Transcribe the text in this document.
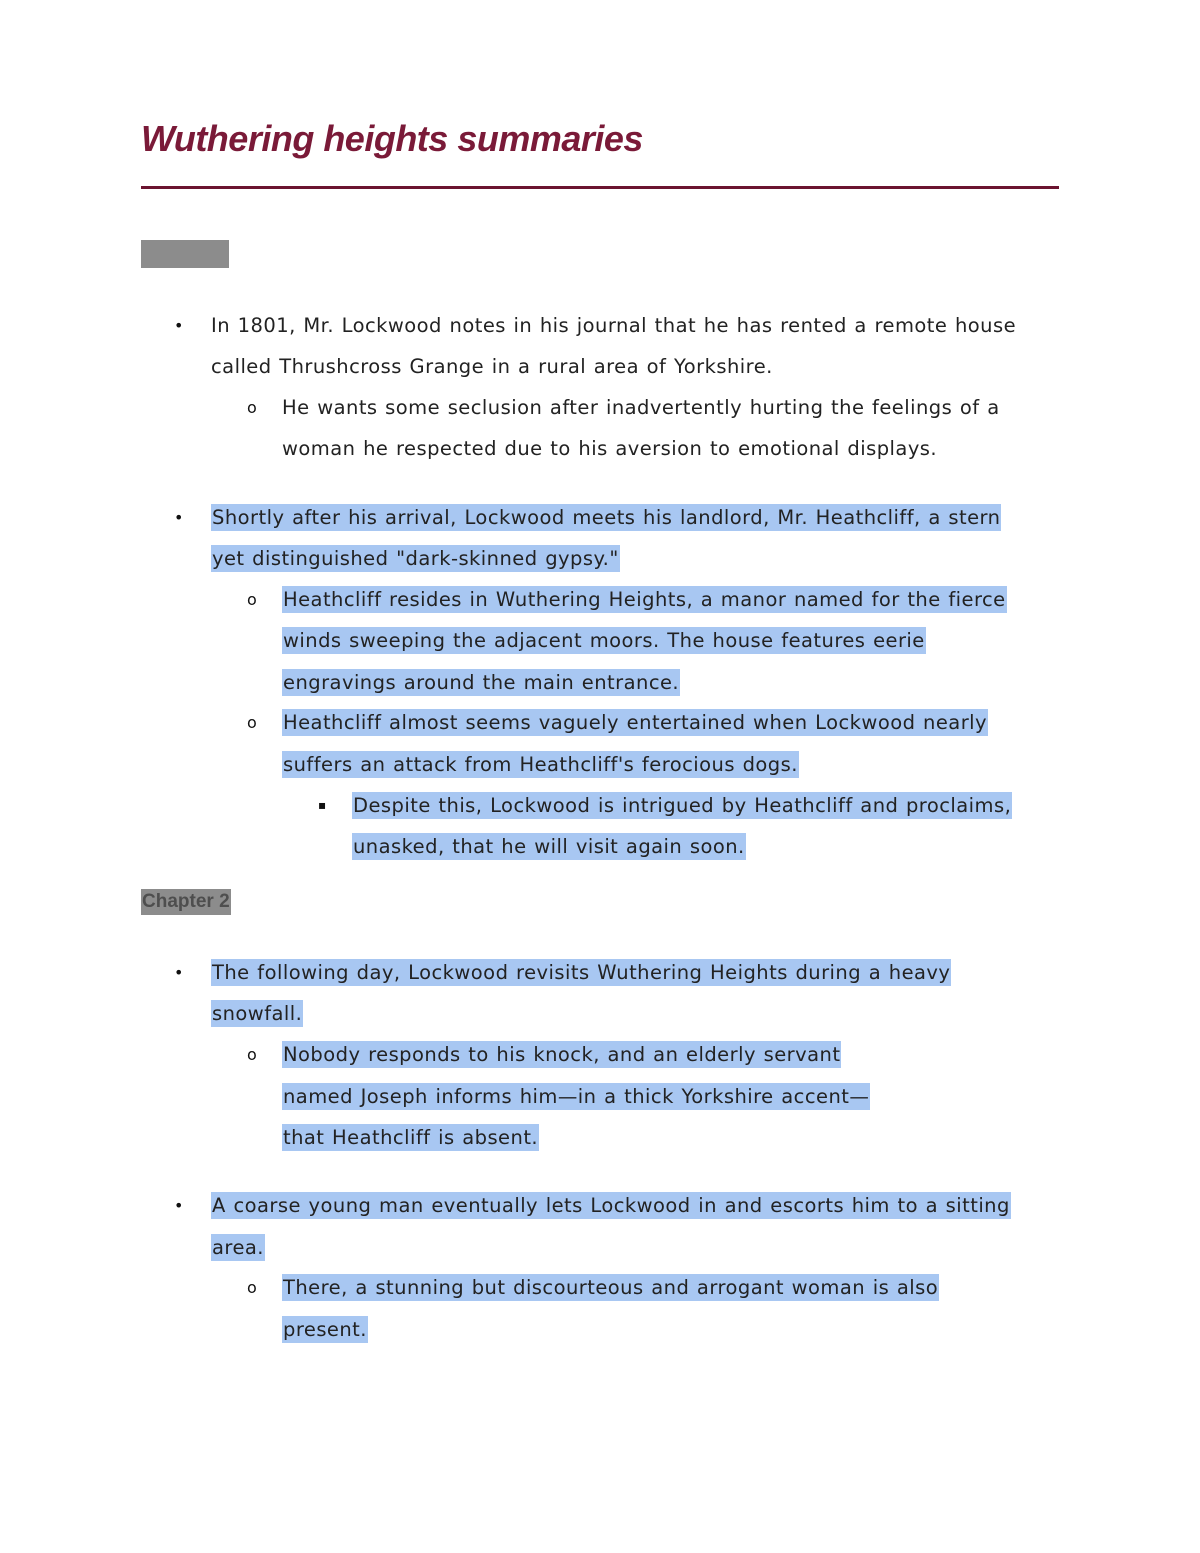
Wuthering heights summaries
• In 1801, Mr. Lockwood notes in his journal that he has rented a remote house
called Thrushcross Grange in a rural area of Yorkshire.
o He wants some seclusion after inadvertently hurting the feelings of a
woman he respected due to his aversion to emotional displays.
• Shortly after his arrival, Lockwood meets his landlord, Mr. Heathcliff, a stern
yet distinguished "dark-skinned gypsy."
o Heathcliff resides in Wuthering Heights, a manor named for the fierce
winds sweeping the adjacent moors. The house features eerie
engravings around the main entrance.
o Heathcliff almost seems vaguely entertained when Lockwood nearly
suffers an attack from Heathcliff's ferocious dogs.
▪ Despite this, Lockwood is intrigued by Heathcliff and proclaims,
unasked, that he will visit again soon.
Chapter 2
• The following day, Lockwood revisits Wuthering Heights during a heavy
snowfall.
o Nobody responds to his knock, and an elderly servant
named Joseph informs him—in a thick Yorkshire accent—
that Heathcliff is absent.
• A coarse young man eventually lets Lockwood in and escorts him to a sitting
area.
o There, a stunning but discourteous and arrogant woman is also
present.
